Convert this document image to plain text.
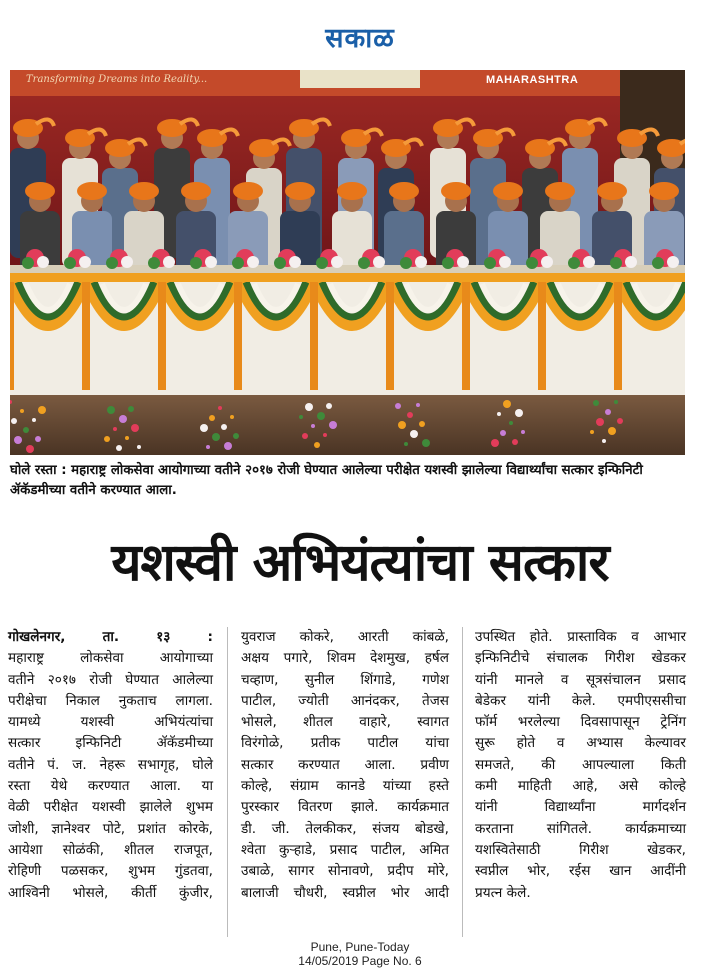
सकाळ
Transforming Dreams into Reality...	MAHARASHTRA
घोले रस्ता : महाराष्ट्र लोकसेवा आयोगाच्या वतीने २०१७ रोजी घेण्यात आलेल्या परीक्षेत यशस्वी झालेल्या विद्यार्थ्यांचा सत्कार इन्फिनिटी ॲकॅडमीच्या वतीने करण्यात आला.
यशस्वी अभियंत्यांचा सत्कार

गोखलेनगर, ता. १३ :

महाराष्ट्र लोकसेवा आयोगाच्या

वतीने २०१७ रोजी घेण्यात आलेल्या

परीक्षेचा निकाल नुकताच लागला.

यामध्ये यशस्वी अभियंत्यांचा

सत्कार इन्फिनिटी ॲकॅडमीच्या

वतीने पं. ज. नेहरू सभागृह, घोले

रस्ता येथे करण्यात आला. या

वेळी परीक्षेत यशस्वी झालेले शुभम

जोशी, ज्ञानेश्वर पोटे, प्रशांत कोरके,

आयेशा सोळंकी, शीतल राजपूत,

रोहिणी पळसकर, शुभम गुंडतवा,

आश्विनी भोसले, कीर्ती कुंजीर,

युवराज कोकरे, आरती कांबळे,

अक्षय पगारे, शिवम देशमुख, हर्षल

चव्हाण, सुनील शिंगाडे, गणेश

पाटील, ज्योती आनंदकर, तेजस

भोसले, शीतल वाहारे, स्वागत

विरंगोळे, प्रतीक पाटील यांचा

सत्कार करण्यात आला. प्रवीण

कोल्हे, संग्राम कानडे यांच्या हस्ते

पुरस्कार वितरण झाले. कार्यक्रमात

डी. जी. तेलकीकर, संजय बोडखे,

श्वेता कुऱ्हाडे, प्रसाद पाटील, अमित

उबाळे, सागर सोनावणे, प्रदीप मोरे,

बालाजी चौधरी, स्वप्नील भोर आदी

उपस्थित होते. प्रास्ताविक व आभार

इन्फिनिटीचे संचालक गिरीश खेडकर

यांनी मानले व सूत्रसंचालन प्रसाद

बेडेकर यांनी केले. एमपीएससीचा

फॉर्म भरलेल्या दिवसापासून ट्रेनिंग

सुरू होते व अभ्यास केल्यावर

समजते, की आपल्याला किती

कमी माहिती आहे, असे कोल्हे

यांनी विद्यार्थ्यांना मार्गदर्शन

करताना सांगितले. कार्यक्रमाच्या

यशस्वितेसाठी गिरीश खेडकर,

स्वप्नील भोर, रईस खान आदींनी

प्रयत्न केले.

Pune, Pune-Today
14/05/2019 Page No. 6
